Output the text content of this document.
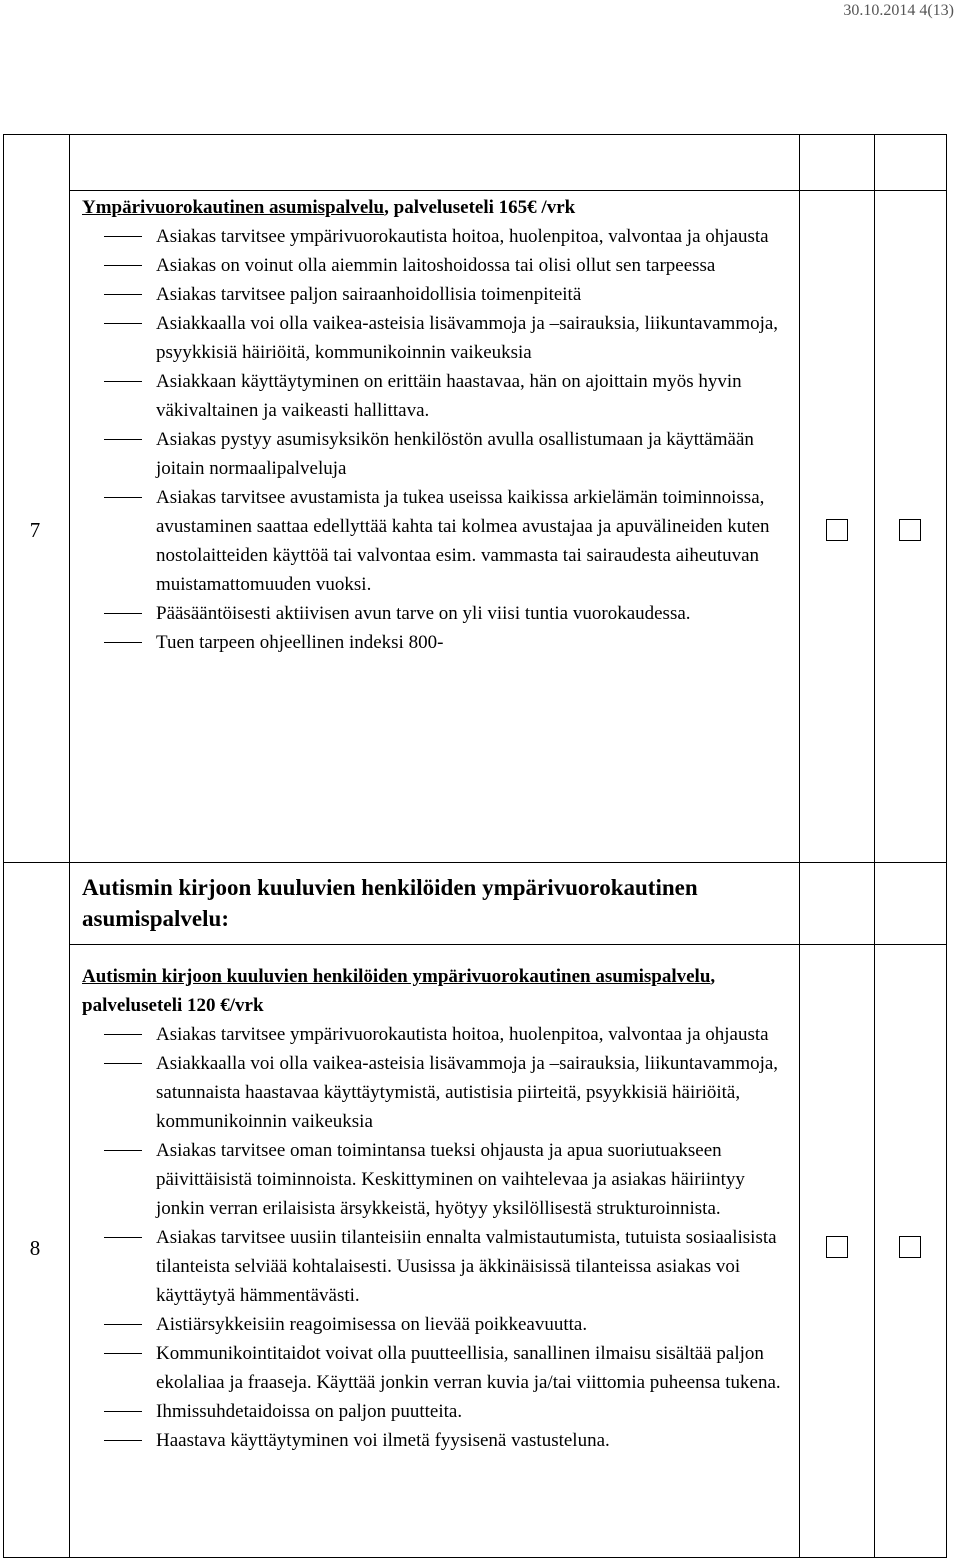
30.10.2014 4(13)
7

Ympärivuorokautinen asumispalvelu, palveluseteli 165€ /vrk

Asiakas tarvitsee ympärivuorokautista hoitoa, huolenpitoa, valvontaa ja ohjausta
Asiakas on voinut olla aiemmin laitoshoidossa tai olisi ollut sen tarpeessa
Asiakas tarvitsee paljon sairaanhoidollisia toimenpiteitä
Asiakkaalla voi olla vaikea-asteisia lisävammoja ja –sairauksia, liikuntavammoja, psyykkisiä häiriöitä, kommunikoinnin vaikeuksia
Asiakkaan käyttäytyminen on erittäin haastavaa, hän on ajoittain myös hyvin väkivaltainen ja vaikeasti hallittava.
Asiakas pystyy asumisyksikön henkilöstön avulla osallistumaan ja käyttämään joitain normaalipalveluja
Asiakas tarvitsee avustamista ja tukea useissa kaikissa arkielämän toiminnoissa, avustaminen saattaa edellyttää kahta tai kolmea avustajaa ja apuvälineiden kuten nostolaitteiden käyttöä tai valvontaa esim. vammasta tai sairaudesta aiheutuvan muistamattomuuden vuoksi.
Pääsääntöisesti aktiivisen avun tarve on yli viisi tuntia vuorokaudessa.
Tuen tarpeen ohjeellinen indeksi 800-
8

Autismin kirjoon kuuluvien henkilöiden ympärivuorokautinen asumispalvelu:

Autismin kirjoon kuuluvien henkilöiden ympärivuorokautinen asumispalvelu, palveluseteli 120 €/vrk

Asiakas tarvitsee ympärivuorokautista hoitoa, huolenpitoa, valvontaa ja ohjausta
Asiakkaalla voi olla vaikea-asteisia lisävammoja ja –sairauksia, liikuntavammoja, satunnaista haastavaa käyttäytymistä, autistisia piirteitä, psyykkisiä häiriöitä, kommunikoinnin vaikeuksia
Asiakas tarvitsee oman toimintansa tueksi ohjausta ja apua suoriutuakseen päivittäisistä toiminnoista. Keskittyminen on vaihtelevaa ja asiakas häiriintyy jonkin verran erilaisista ärsykkeistä, hyötyy yksilöllisestä strukturoinnista.
Asiakas tarvitsee uusiin tilanteisiin ennalta valmistautumista, tutuista sosiaalisista tilanteista selviää kohtalaisesti. Uusissa ja äkkinäisissä tilanteissa asiakas voi käyttäytyä hämmentävästi.
Aistiärsykkeisiin reagoimisessa on lievää poikkeavuutta.
Kommunikointitaidot voivat olla puutteellisia, sanallinen ilmaisu sisältää paljon ekolaliaa ja fraaseja. Käyttää jonkin verran kuvia ja/tai viittomia puheensa tukena.
Ihmissuhdetaidoissa on paljon puutteita.
Haastava käyttäytyminen voi ilmetä fyysisenä vastusteluna.
